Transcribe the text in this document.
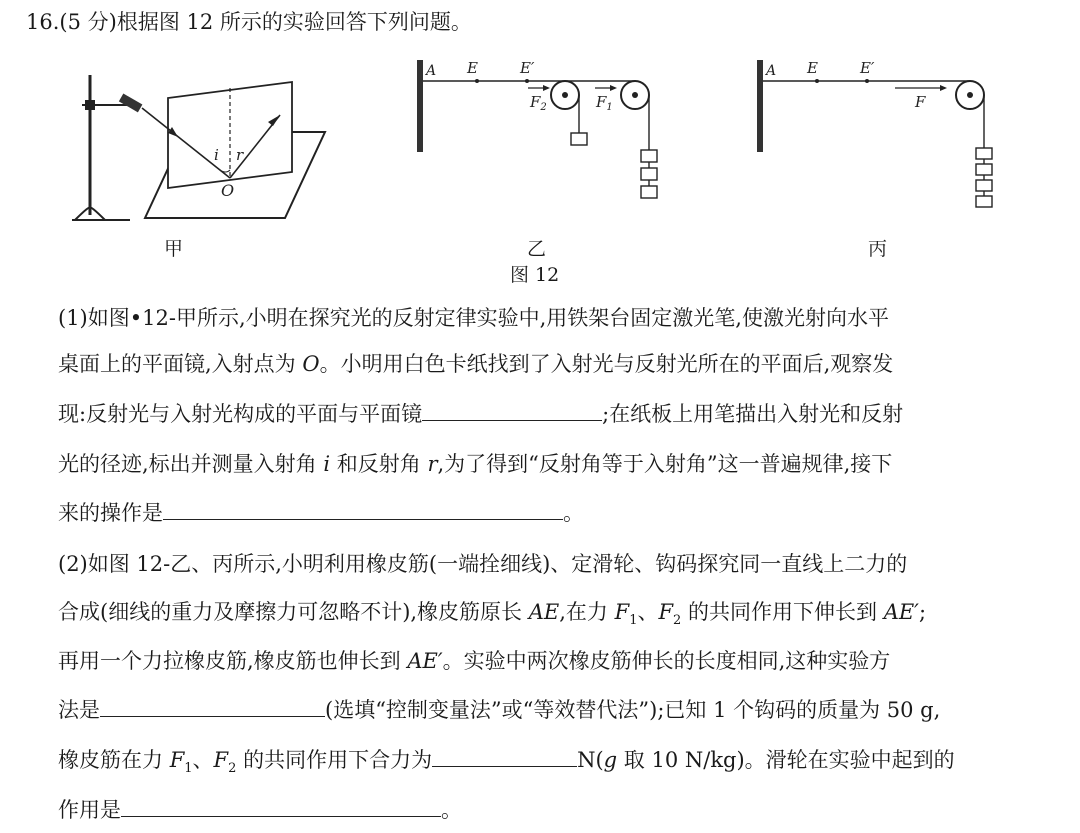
16.(5 分)根据图 12 所示的实验回答下列问题。
i r
O
A E	E′
$F_2$	$F_1$
A E	E′
F
甲	乙	丙
图 12
(1)如图•12-甲所示,小明在探究光的反射定律实验中,用铁架台固定激光笔,使激光射向水平
桌面上的平面镜,入射点为 O。小明用白色卡纸找到了入射光与反射光所在的平面后,观察发
现:反射光与入射光构成的平面与平面镜	;在纸板上用笔描出入射光和反射
光的径迹,标出并测量入射角 i 和反射角 r,为了得到“反射角等于入射角”这一普遍规律,接下
来的操作是	。
(2)如图 12-乙、丙所示,小明利用橡皮筋(一端拴细线)、定滑轮、钩码探究同一直线上二力的
合成(细线的重力及摩擦力可忽略不计),橡皮筋原长 AE,在力 $F_1$、$F_2$ 的共同作用下伸长到 AE′;
再用一个力拉橡皮筋,橡皮筋也伸长到 AE′。实验中两次橡皮筋伸长的长度相同,这种实验方
法是	(选填“控制变量法”或“等效替代法”);已知 1 个钩码的质量为 50 g,
橡皮筋在力 $F_1$、$F_2$ 的共同作用下合力为	N(g 取 10 N/kg)。滑轮在实验中起到的
作用是	。
